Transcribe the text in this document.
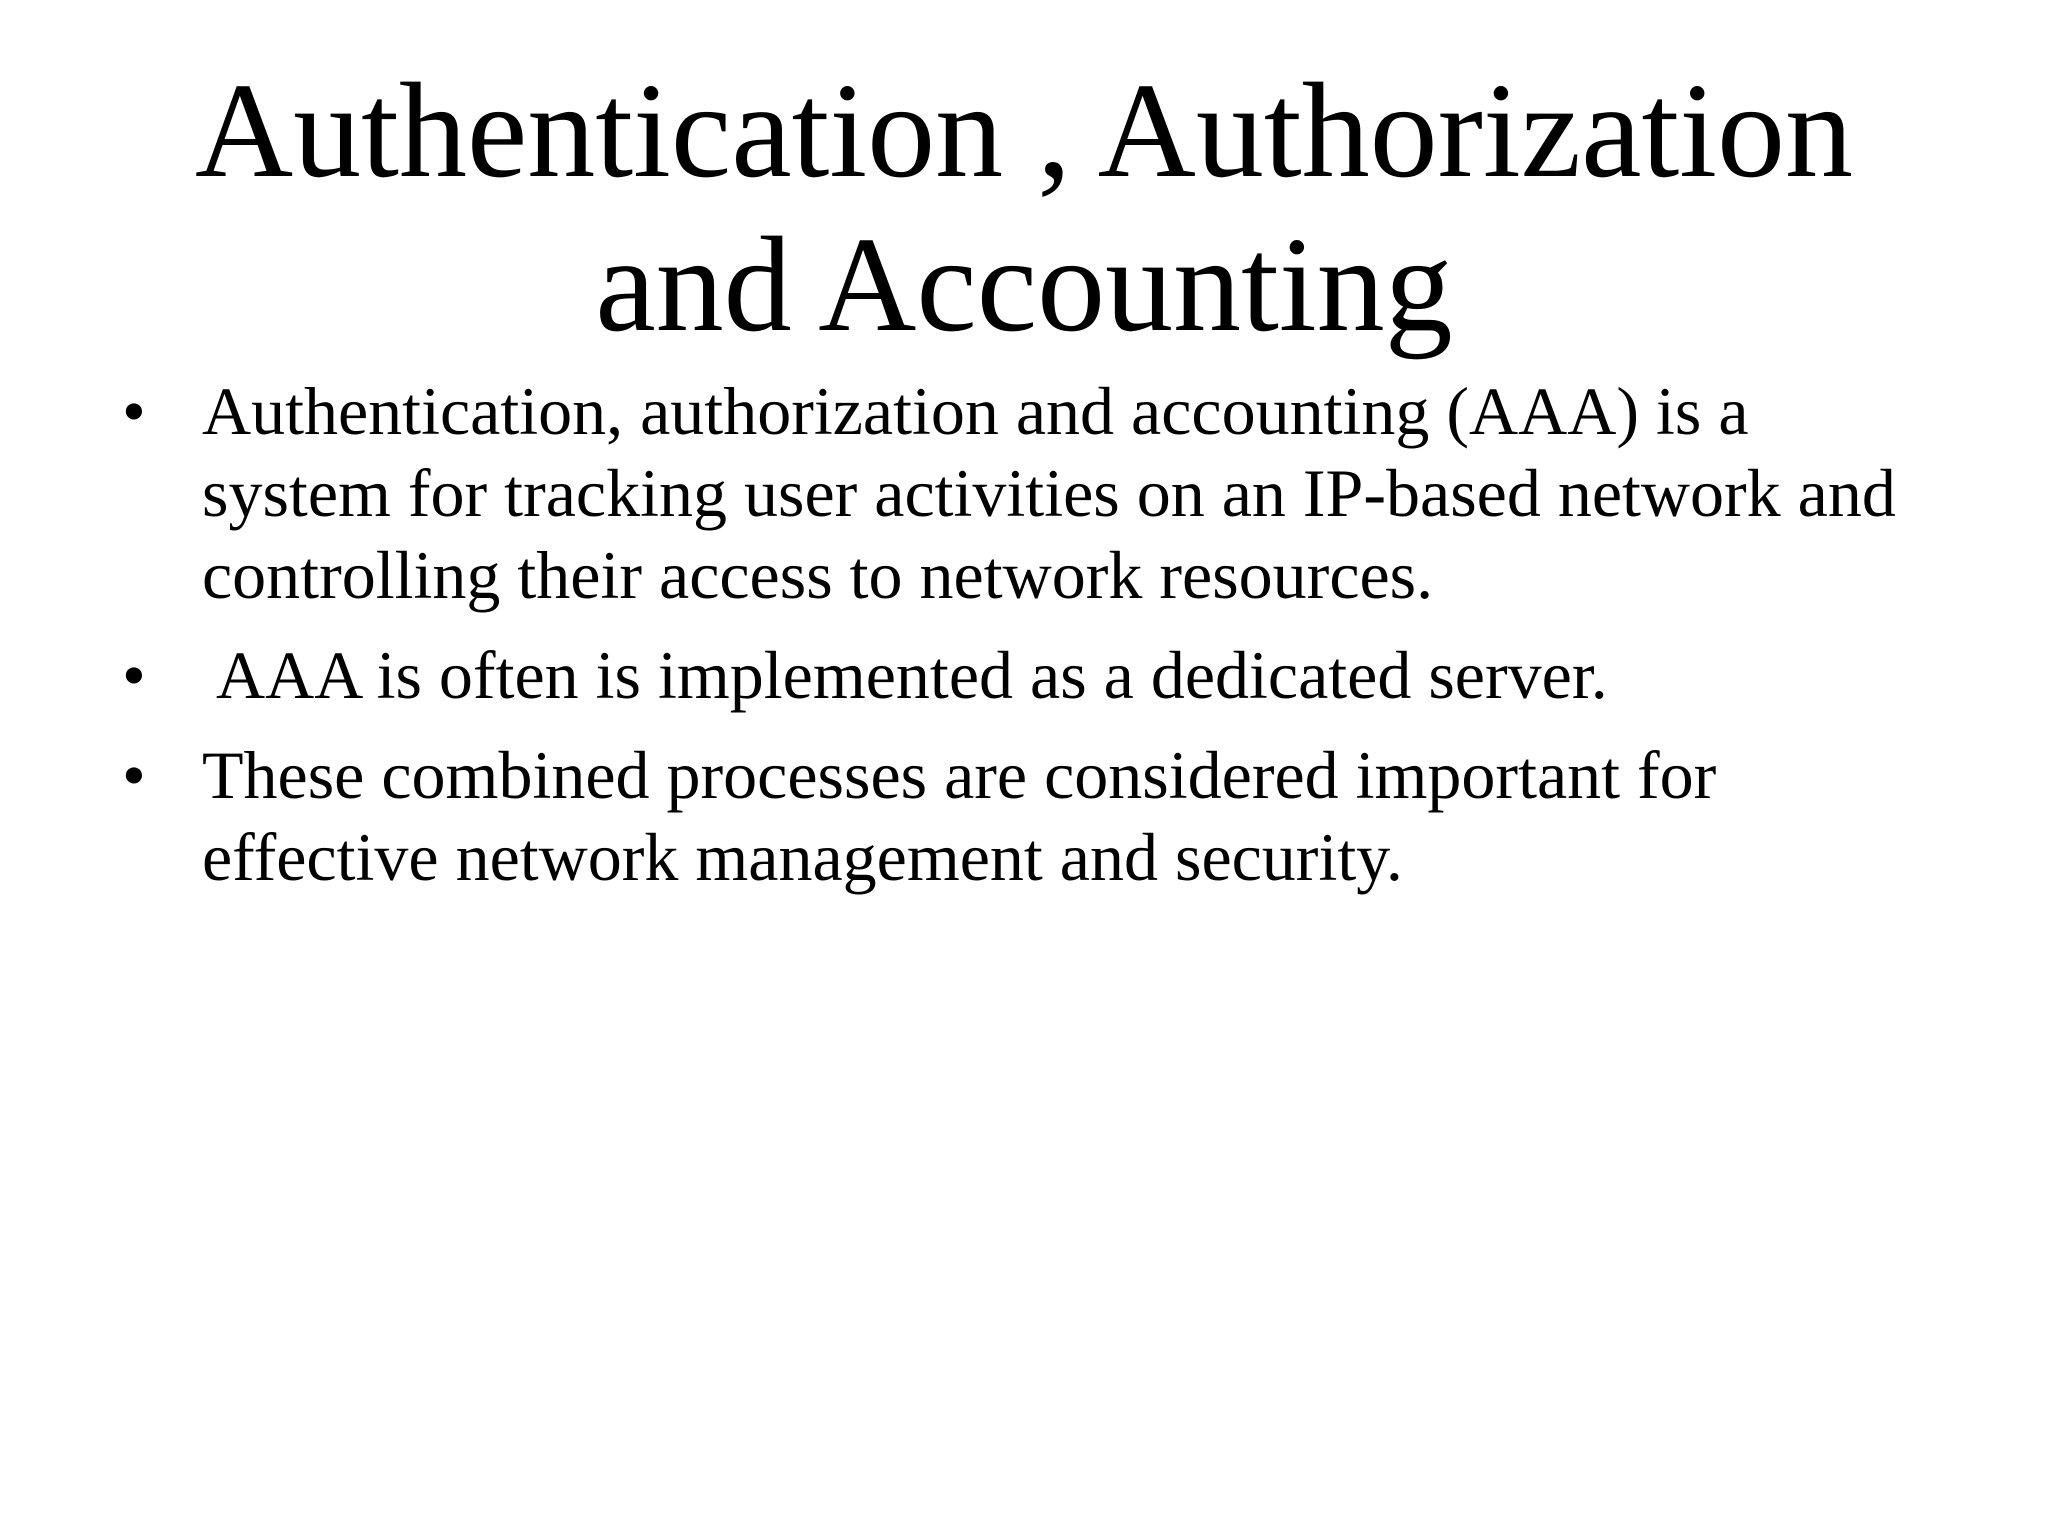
Authentication , Authorization and Accounting
• Authentication, authorization and accounting (AAA) is a system for tracking user activities on an IP-based network and controlling their access to network resources.
• AAA is often is implemented as a dedicated server.
• These combined processes are considered important for effective network management and security.
